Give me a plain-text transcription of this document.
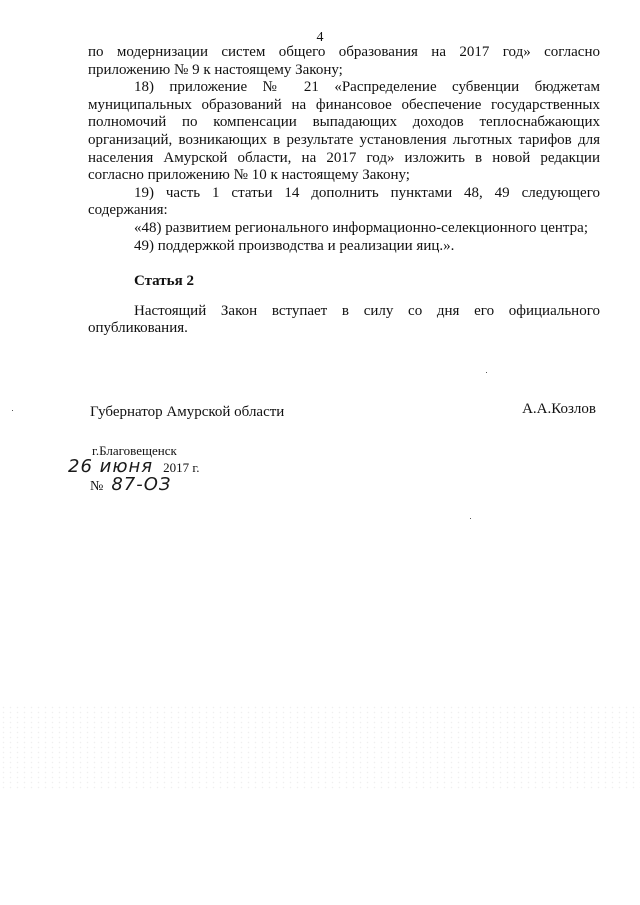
4

по модернизации систем общего образования на 2017 год» согласно приложению № 9 к настоящему Закону;

18) приложение № 21 «Распределение субвенции бюджетам муниципальных образований на финансовое обеспечение государственных полномочий по компенсации выпадающих доходов теплоснабжающих организаций, возникающих в результате установления льготных тарифов для населения Амурской области, на 2017 год» изложить в новой редакции согласно приложению № 10 к настоящему Закону;

19) часть 1 статьи 14 дополнить пунктами 48, 49 следующего содержания:

«48) развитием регионального информационно-селекционного центра;

49) поддержкой производства и реализации яиц.».

Статья 2

Настоящий Закон вступает в силу со дня его официального опубликования.

Губернатор Амурской области	А.А.Козлов
г.Благовещенск
26 июня 2017 г.
№ 87-ОЗ
